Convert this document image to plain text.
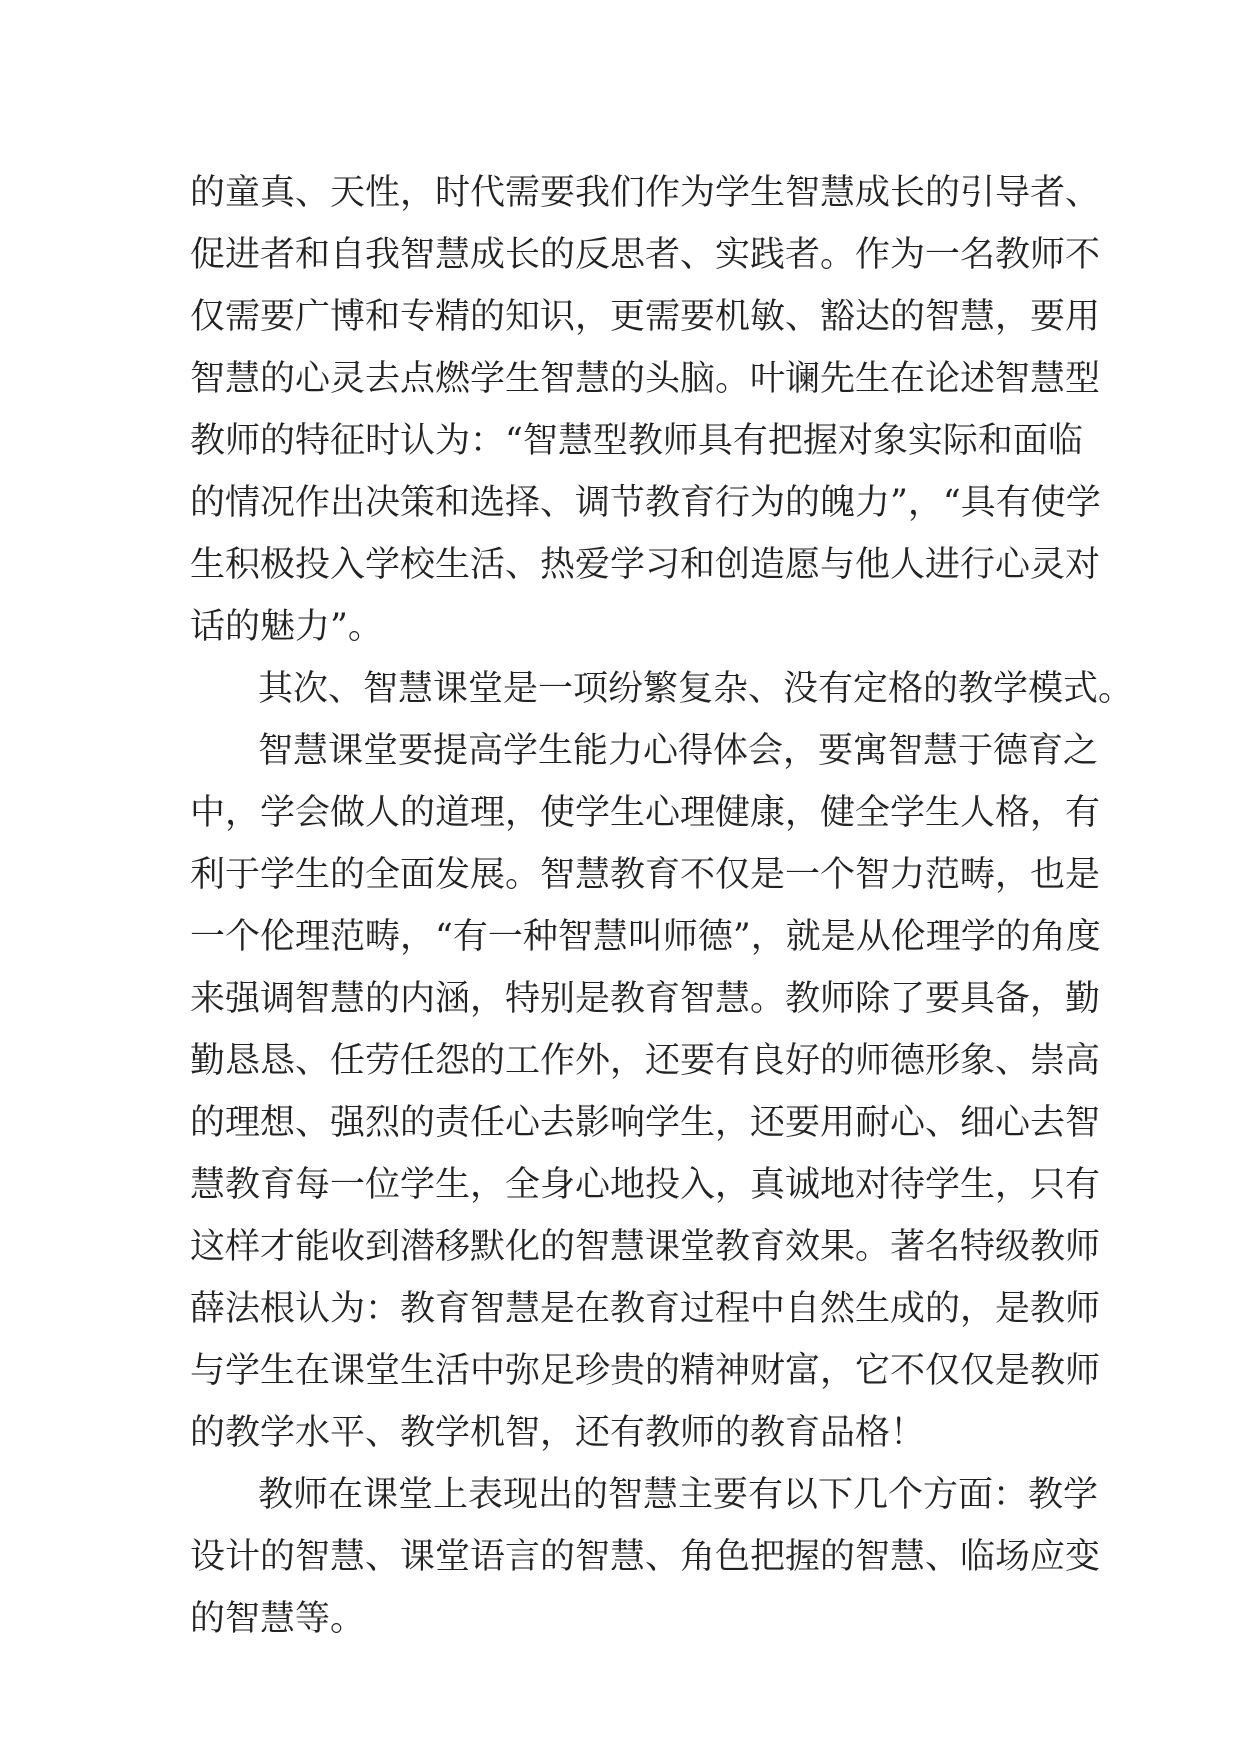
的童真、天性，时代需要我们作为学生智慧成长的引导者、
促进者和自我智慧成长的反思者、实践者。作为一名教师不
仅需要广博和专精的知识，更需要机敏、豁达的智慧，要用
智慧的心灵去点燃学生智慧的头脑。叶谰先生在论述智慧型
教师的特征时认为：“智慧型教师具有把握对象实际和面临
的情况作出决策和选择、调节教育行为的魄力”，“具有使学
生积极投入学校生活、热爱学习和创造愿与他人进行心灵对
话的魅力”。
其次、智慧课堂是一项纷繁复杂、没有定格的教学模式。
智慧课堂要提高学生能力心得体会，要寓智慧于德育之
中，学会做人的道理，使学生心理健康，健全学生人格，有
利于学生的全面发展。智慧教育不仅是一个智力范畴，也是
一个伦理范畴，“有一种智慧叫师德”，就是从伦理学的角度
来强调智慧的内涵，特别是教育智慧。教师除了要具备，勤
勤恳恳、任劳任怨的工作外，还要有良好的师德形象、崇高
的理想、强烈的责任心去影响学生，还要用耐心、细心去智
慧教育每一位学生，全身心地投入，真诚地对待学生，只有
这样才能收到潜移默化的智慧课堂教育效果。著名特级教师
薛法根认为：教育智慧是在教育过程中自然生成的，是教师
与学生在课堂生活中弥足珍贵的精神财富，它不仅仅是教师
的教学水平、教学机智，还有教师的教育品格！
教师在课堂上表现出的智慧主要有以下几个方面：教学
设计的智慧、课堂语言的智慧、角色把握的智慧、临场应变
的智慧等。
